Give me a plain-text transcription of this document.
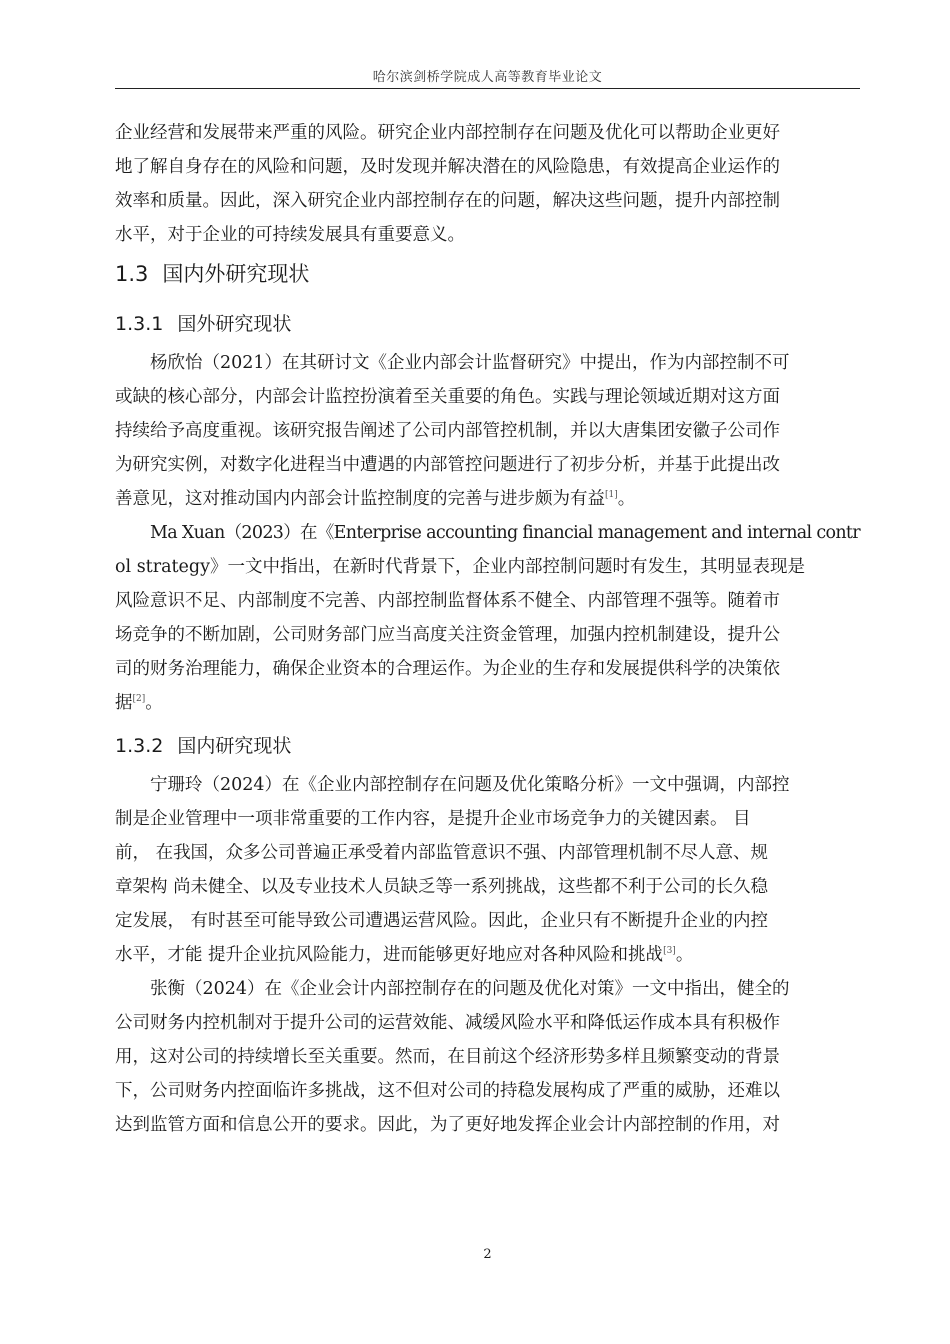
哈尔滨剑桥学院成人高等教育毕业论文
企业经营和发展带来严重的风险。研究企业内部控制存在问题及优化可以帮助企业更好
地了解自身存在的风险和问题，及时发现并解决潜在的风险隐患，有效提高企业运作的
效率和质量。因此，深入研究企业内部控制存在的问题，解决这些问题，提升内部控制
水平，对于企业的可持续发展具有重要意义。
1.3 国内外研究现状
1.3.1 国外研究现状
杨欣怡（2021）在其研讨文《企业内部会计监督研究》中提出，作为内部控制不可
或缺的核心部分，内部会计监控扮演着至关重要的角色。实践与理论领域近期对这方面
持续给予高度重视。该研究报告阐述了公司内部管控机制，并以大唐集团安徽子公司作
为研究实例，对数字化进程当中遭遇的内部管控问题进行了初步分析，并基于此提出改
善意见，这对推动国内内部会计监控制度的完善与进步颇为有益[1]。
Ma Xuan（2023）在《Enterprise accounting financial management and internal contr
ol strategy》一文中指出，在新时代背景下，企业内部控制问题时有发生，其明显表现是
风险意识不足、内部制度不完善、内部控制监督体系不健全、内部管理不强等。随着市
场竞争的不断加剧，公司财务部门应当高度关注资金管理，加强内控机制建设，提升公
司的财务治理能力，确保企业资本的合理运作。为企业的生存和发展提供科学的决策依
据[2]。
1.3.2 国内研究现状
宁珊玲（2024）在《企业内部控制存在问题及优化策略分析》一文中强调，内部控
制是企业管理中一项非常重要的工作内容，是提升企业市场竞争力的关键因素。 目
前， 在我国，众多公司普遍正承受着内部监管意识不强、内部管理机制不尽人意、规
章架构 尚未健全、以及专业技术人员缺乏等一系列挑战，这些都不利于公司的长久稳
定发展， 有时甚至可能导致公司遭遇运营风险。因此，企业只有不断提升企业的内控
水平，才能 提升企业抗风险能力，进而能够更好地应对各种风险和挑战[3]。
张衡（2024）在《企业会计内部控制存在的问题及优化对策》一文中指出，健全的
公司财务内控机制对于提升公司的运营效能、减缓风险水平和降低运作成本具有积极作
用，这对公司的持续增长至关重要。然而，在目前这个经济形势多样且频繁变动的背景
下，公司财务内控面临许多挑战，这不但对公司的持稳发展构成了严重的威胁，还难以
达到监管方面和信息公开的要求。因此，为了更好地发挥企业会计内部控制的作用，对
2
